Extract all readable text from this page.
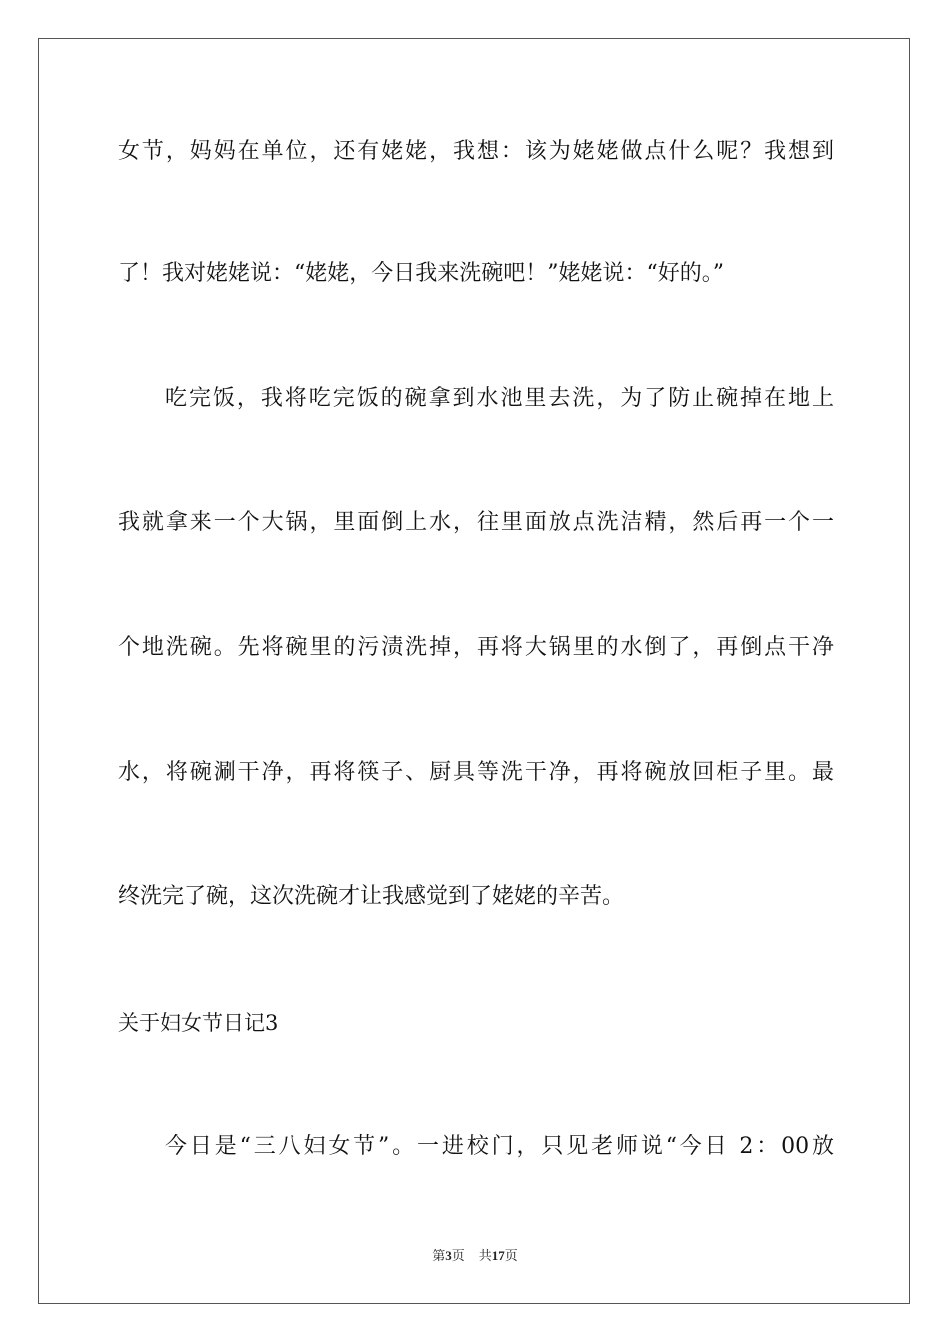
女节，妈妈在单位，还有姥姥，我想：该为姥姥做点什么呢？我想到
了！我对姥姥说：“姥姥，今日我来洗碗吧！”姥姥说：“好的。”
吃完饭，我将吃完饭的碗拿到水池里去洗，为了防止碗掉在地上
我就拿来一个大锅，里面倒上水，往里面放点洗洁精，然后再一个一
个地洗碗。先将碗里的污渍洗掉，再将大锅里的水倒了，再倒点干净
水，将碗涮干净，再将筷子、厨具等洗干净，再将碗放回柜子里。最
终洗完了碗，这次洗碗才让我感觉到了姥姥的辛苦。
关于妇女节日记3
今日是“三八妇女节”。一进校门，只见老师说“今日 2：00放
第3页 共17页
